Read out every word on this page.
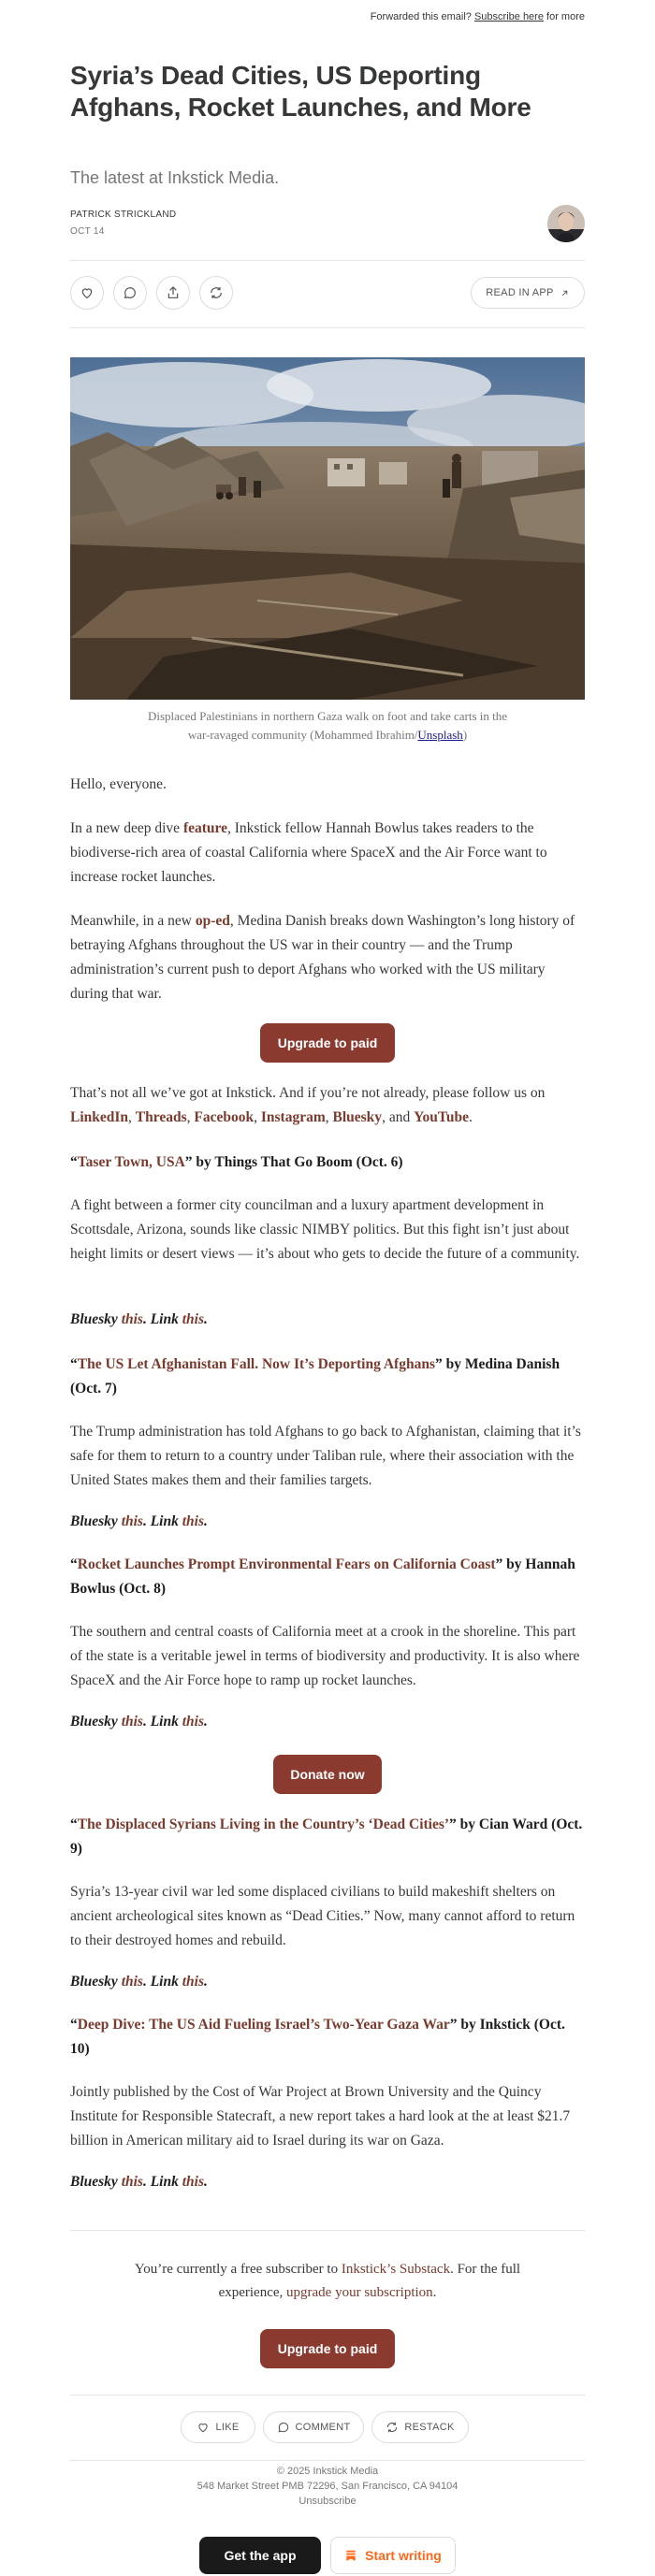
Forwarded this email? Subscribe here for more
Syria’s Dead Cities, US Deporting Afghans, Rocket Launches, and More
The latest at Inkstick Media.
PATRICK STRICKLAND
OCT 14
READ IN APP
Displaced Palestinians in northern Gaza walk on foot and take carts in the war-ravaged community (Mohammed Ibrahim/Unsplash)
Hello, everyone.
In a new deep dive feature, Inkstick fellow Hannah Bowlus takes readers to the biodiverse-rich area of coastal California where SpaceX and the Air Force want to increase rocket launches.
Meanwhile, in a new op-ed, Medina Danish breaks down Washington’s long history of betraying Afghans throughout the US war in their country — and the Trump administration’s current push to deport Afghans who worked with the US military during that war.
Upgrade to paid
That’s not all we’ve got at Inkstick. And if you’re not already, please follow us on LinkedIn, Threads, Facebook, Instagram, Bluesky, and YouTube.
“Taser Town, USA” by Things That Go Boom (Oct. 6)
A fight between a former city councilman and a luxury apartment development in Scottsdale, Arizona, sounds like classic NIMBY politics. But this fight isn’t just about height limits or desert views — it’s about who gets to decide the future of a community.
Bluesky this. Link this.
“The US Let Afghanistan Fall. Now It’s Deporting Afghans” by Medina Danish (Oct. 7)
The Trump administration has told Afghans to go back to Afghanistan, claiming that it’s safe for them to return to a country under Taliban rule, where their association with the United States makes them and their families targets.
Bluesky this. Link this.
“Rocket Launches Prompt Environmental Fears on California Coast” by Hannah Bowlus (Oct. 8)
The southern and central coasts of California meet at a crook in the shoreline. This part of the state is a veritable jewel in terms of biodiversity and productivity. It is also where SpaceX and the Air Force hope to ramp up rocket launches.
Bluesky this. Link this.
Donate now
“The Displaced Syrians Living in the Country’s ‘Dead Cities’” by Cian Ward (Oct. 9)
Syria’s 13-year civil war led some displaced civilians to build makeshift shelters on ancient archeological sites known as “Dead Cities.” Now, many cannot afford to return to their destroyed homes and rebuild.
Bluesky this. Link this.
“Deep Dive: The US Aid Fueling Israel’s Two-Year Gaza War” by Inkstick (Oct. 10)
Jointly published by the Cost of War Project at Brown University and the Quincy Institute for Responsible Statecraft, a new report takes a hard look at the at least $21.7 billion in American military aid to Israel during its war on Gaza.
Bluesky this. Link this.
You’re currently a free subscriber to Inkstick’s Substack. For the full experience, upgrade your subscription.
Upgrade to paid
LIKE	COMMENT	RESTACK
© 2025 Inkstick Media
548 Market Street PMB 72296, San Francisco, CA 94104
Unsubscribe
Get the app	Start writing
